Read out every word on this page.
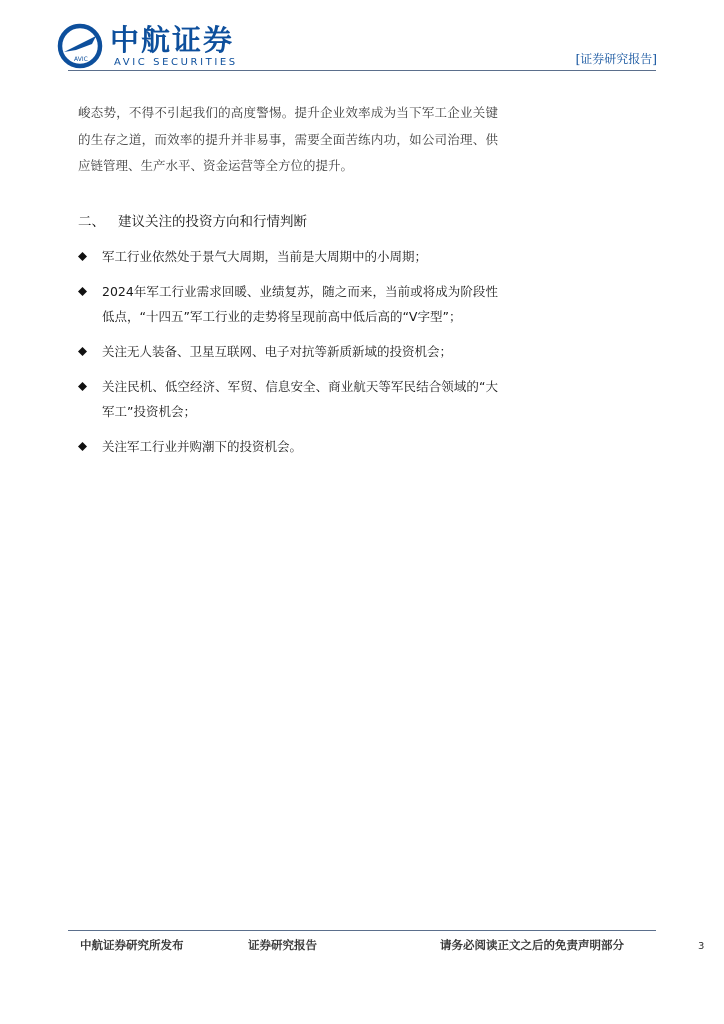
AVIC
中航证券
AVIC SECURITIES	[证券研究报告]

峻态势，不得不引起我们的高度警惕。提升企业效率成为当下军工企业关键的生存之道，而效率的提升并非易事，需要全面苦练内功，如公司治理、供应链管理、生产水平、资金运营等全方位的提升。

二、 建议关注的投资方向和行情判断
军工行业依然处于景气大周期，当前是大周期中的小周期；
2024年军工行业需求回暖、业绩复苏，随之而来，当前或将成为阶段性低点，“十四五”军工行业的走势将呈现前高中低后高的“V字型”；
关注无人装备、卫星互联网、电子对抗等新质新域的投资机会；
关注民机、低空经济、军贸、信息安全、商业航天等军民结合领域的“大军工”投资机会；
关注军工行业并购潮下的投资机会。
中航证券研究所发布	证券研究报告	请务必阅读正文之后的免责声明部分	3
